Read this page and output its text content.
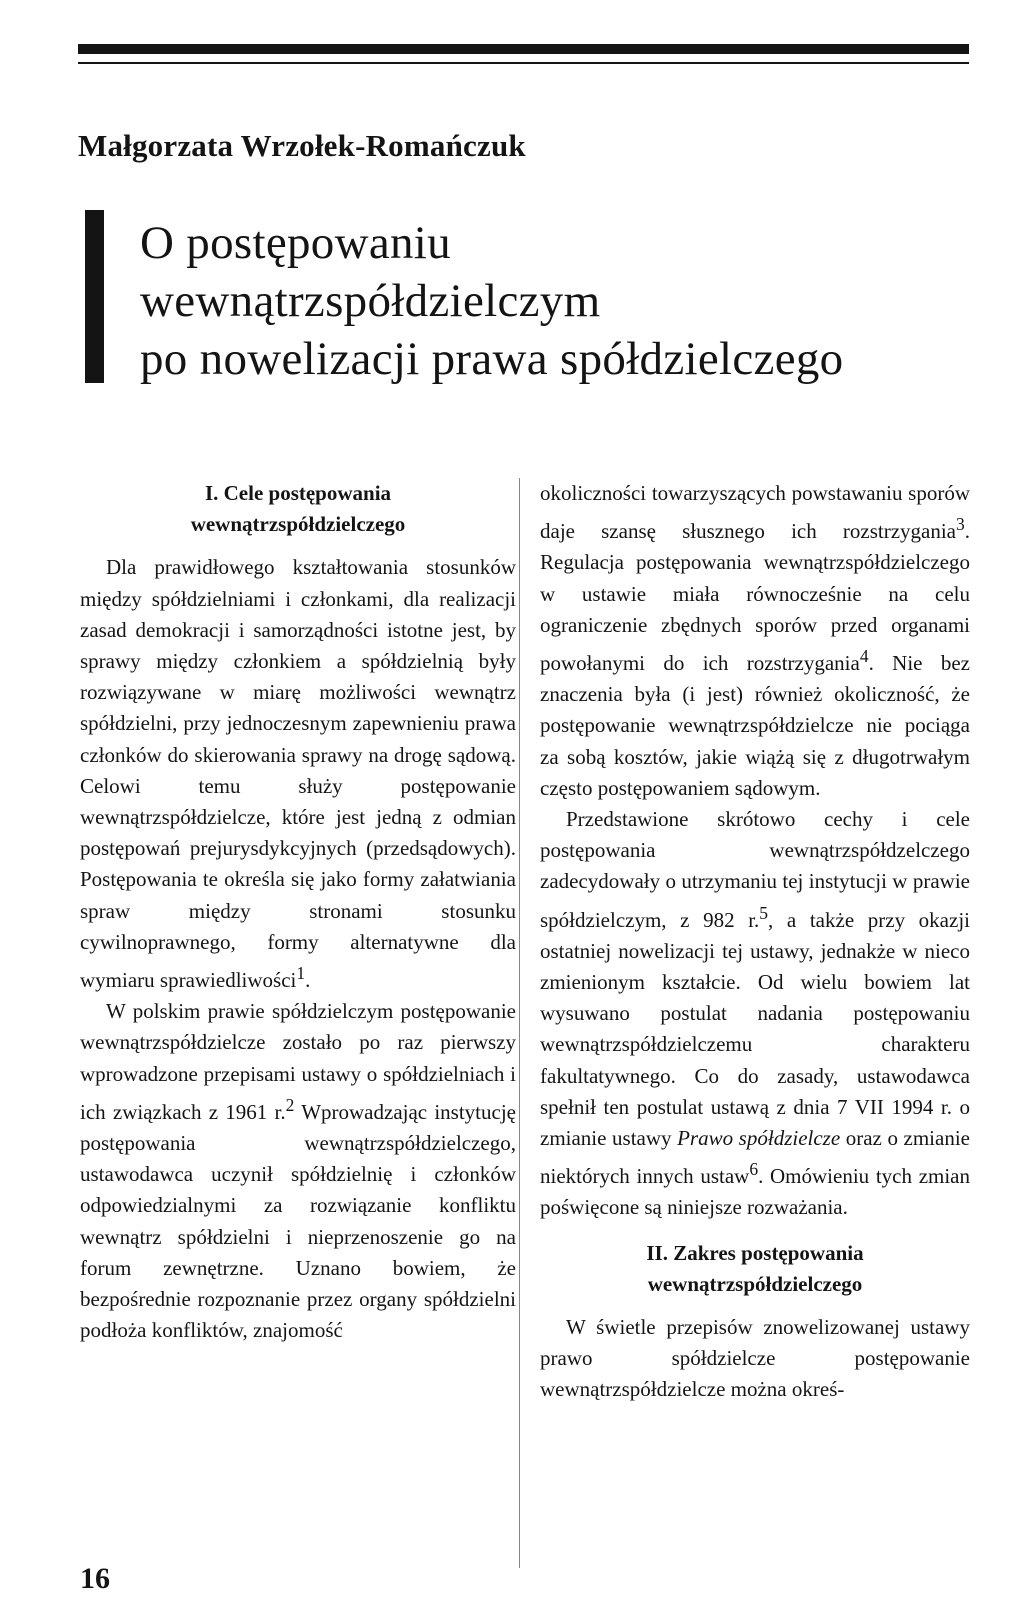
Małgorzata Wrzołek-Romańczuk
O postępowaniu
wewnątrzspółdzielczym
po nowelizacji prawa spółdzielczego
I. Cele postępowania
wewnątrzspółdzielczego

Dla prawidłowego kształtowania stosunków między spółdzielniami i członkami, dla realizacji zasad demokracji i samorządności istotne jest, by sprawy między członkiem a spółdzielnią były rozwiązywane w miarę możliwości wewnątrz spółdzielni, przy jednoczesnym zapewnieniu prawa członków do skierowania sprawy na drogę sądową. Celowi temu służy postępowanie wewnątrzspółdzielcze, które jest jedną z odmian postępowań prejurysdykcyjnych (przedsądowych). Postępowania te określa się jako formy załatwiania spraw między stronami stosunku cywilnoprawnego, formy alternatywne dla wymiaru sprawiedliwości$^1$.

W polskim prawie spółdzielczym postępowanie wewnątrzspółdzielcze zostało po raz pierwszy wprowadzone przepisami ustawy o spółdzielniach i ich związkach z 1961 r.$^2$ Wprowadzając instytucję postępowania wewnątrzspółdzielczego, ustawodawca uczynił spółdzielnię i członków odpowiedzialnymi za rozwiązanie konfliktu wewnątrz spółdzielni i nieprzenoszenie go na forum zewnętrzne. Uznano bowiem, że bezpośrednie rozpoznanie przez organy spółdzielni podłoża konfliktów, znajomość

okoliczności towarzyszących powstawaniu sporów daje szansę słusznego ich rozstrzygania$^3$. Regulacja postępowania wewnątrzspółdzielczego w ustawie miała równocześnie na celu ograniczenie zbędnych sporów przed organami powołanymi do ich rozstrzygania$^4$. Nie bez znaczenia była (i jest) również okoliczność, że postępowanie wewnątrzspółdzielcze nie pociąga za sobą kosztów, jakie wiążą się z długotrwałym często postępowaniem sądowym.

Przedstawione skrótowo cechy i cele postępowania wewnątrzspółdzelczego zadecydowały o utrzymaniu tej instytucji w prawie spółdzielczym, z 982 r.$^5$, a także przy okazji ostatniej nowelizacji tej ustawy, jednakże w nieco zmienionym kształcie. Od wielu bowiem lat wysuwano postulat nadania postępowaniu wewnątrzspółdzielczemu charakteru fakultatywnego. Co do zasady, ustawodawca spełnił ten postulat ustawą z dnia 7 VII 1994 r. o zmianie ustawy Prawo spółdzielcze oraz o zmianie niektórych innych ustaw$^6$. Omówieniu tych zmian poświęcone są niniejsze rozważania.

II. Zakres postępowania
wewnątrzspółdzielczego

W świetle przepisów znowelizowanej ustawy prawo spółdzielcze postępowanie wewnątrzspółdzielcze można okreś-

16
